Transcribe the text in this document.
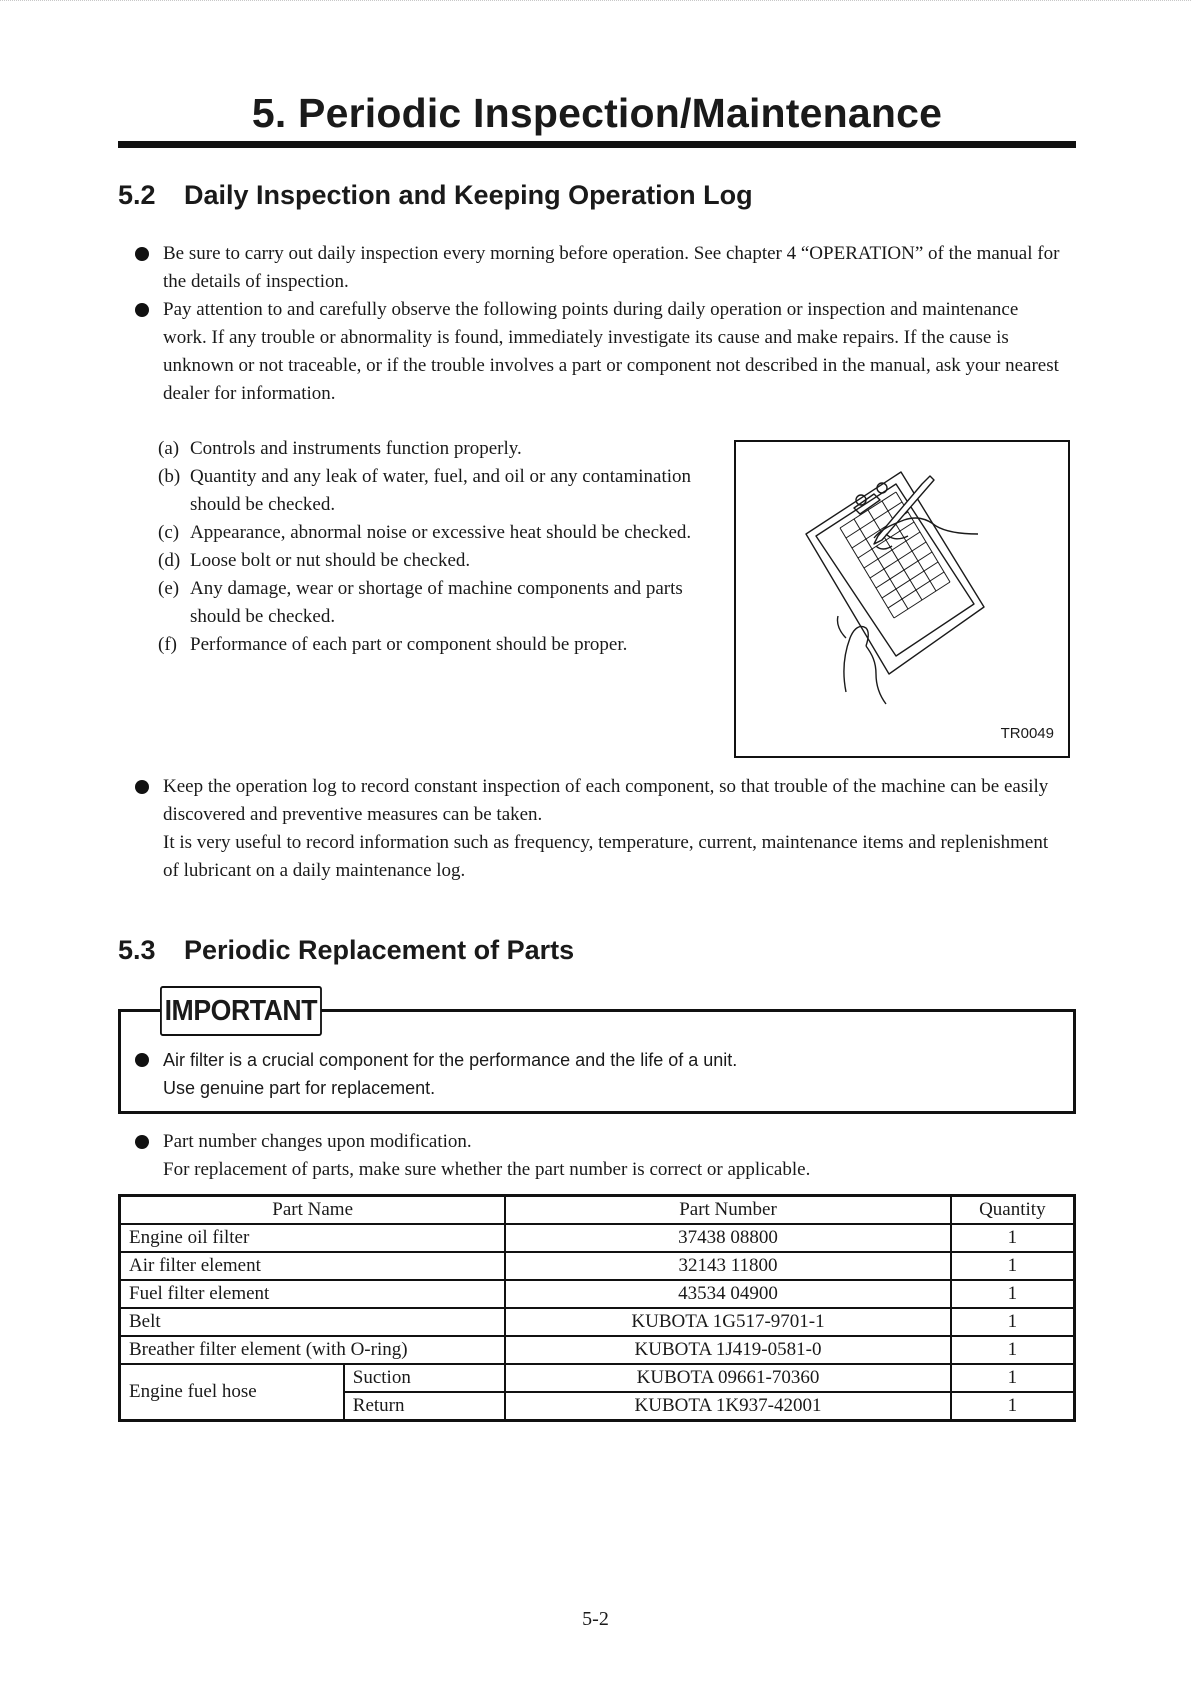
5. Periodic Inspection/Maintenance
5.2 Daily Inspection and Keeping Operation Log
Be sure to carry out daily inspection every morning before operation. See chapter 4 “OPERATION” of the manual for the details of inspection.
Pay attention to and carefully observe the following points during daily operation or inspection and maintenance work. If any trouble or abnormality is found, immediately investigate its cause and make repairs. If the cause is unknown or not traceable, or if the trouble involves a part or component not described in the manual, ask your nearest dealer for information.
(a) Controls and instruments function properly.
(b) Quantity and any leak of water, fuel, and oil or any contamination should be checked.
(c) Appearance, abnormal noise or excessive heat should be checked.
(d) Loose bolt or nut should be checked.
(e) Any damage, wear or shortage of machine components and parts should be checked.
(f) Performance of each part or component should be proper.
TR0049
Keep the operation log to record constant inspection of each component, so that trouble of the machine can be easily discovered and preventive measures can be taken.
It is very useful to record information such as frequency, temperature, current, maintenance items and replenishment of lubricant on a daily maintenance log.
5.3 Periodic Replacement of Parts
IMPORTANT
Air filter is a crucial component for the performance and the life of a unit.
Use genuine part for replacement.
Part number changes upon modification.
For replacement of parts, make sure whether the part number is correct or applicable.
Part Name		Part Number	Quantity
Engine oil filter		37438 08800	1
Air filter element		32143 11800	1
Fuel filter element		43534 04900	1
Belt		KUBOTA 1G517-9701-1	1
Breather filter element (with O-ring)		KUBOTA 1J419-0581-0	1
Engine fuel hose	Suction	KUBOTA 09661-70360	1
	Return	KUBOTA 1K937-42001	1
5-2
